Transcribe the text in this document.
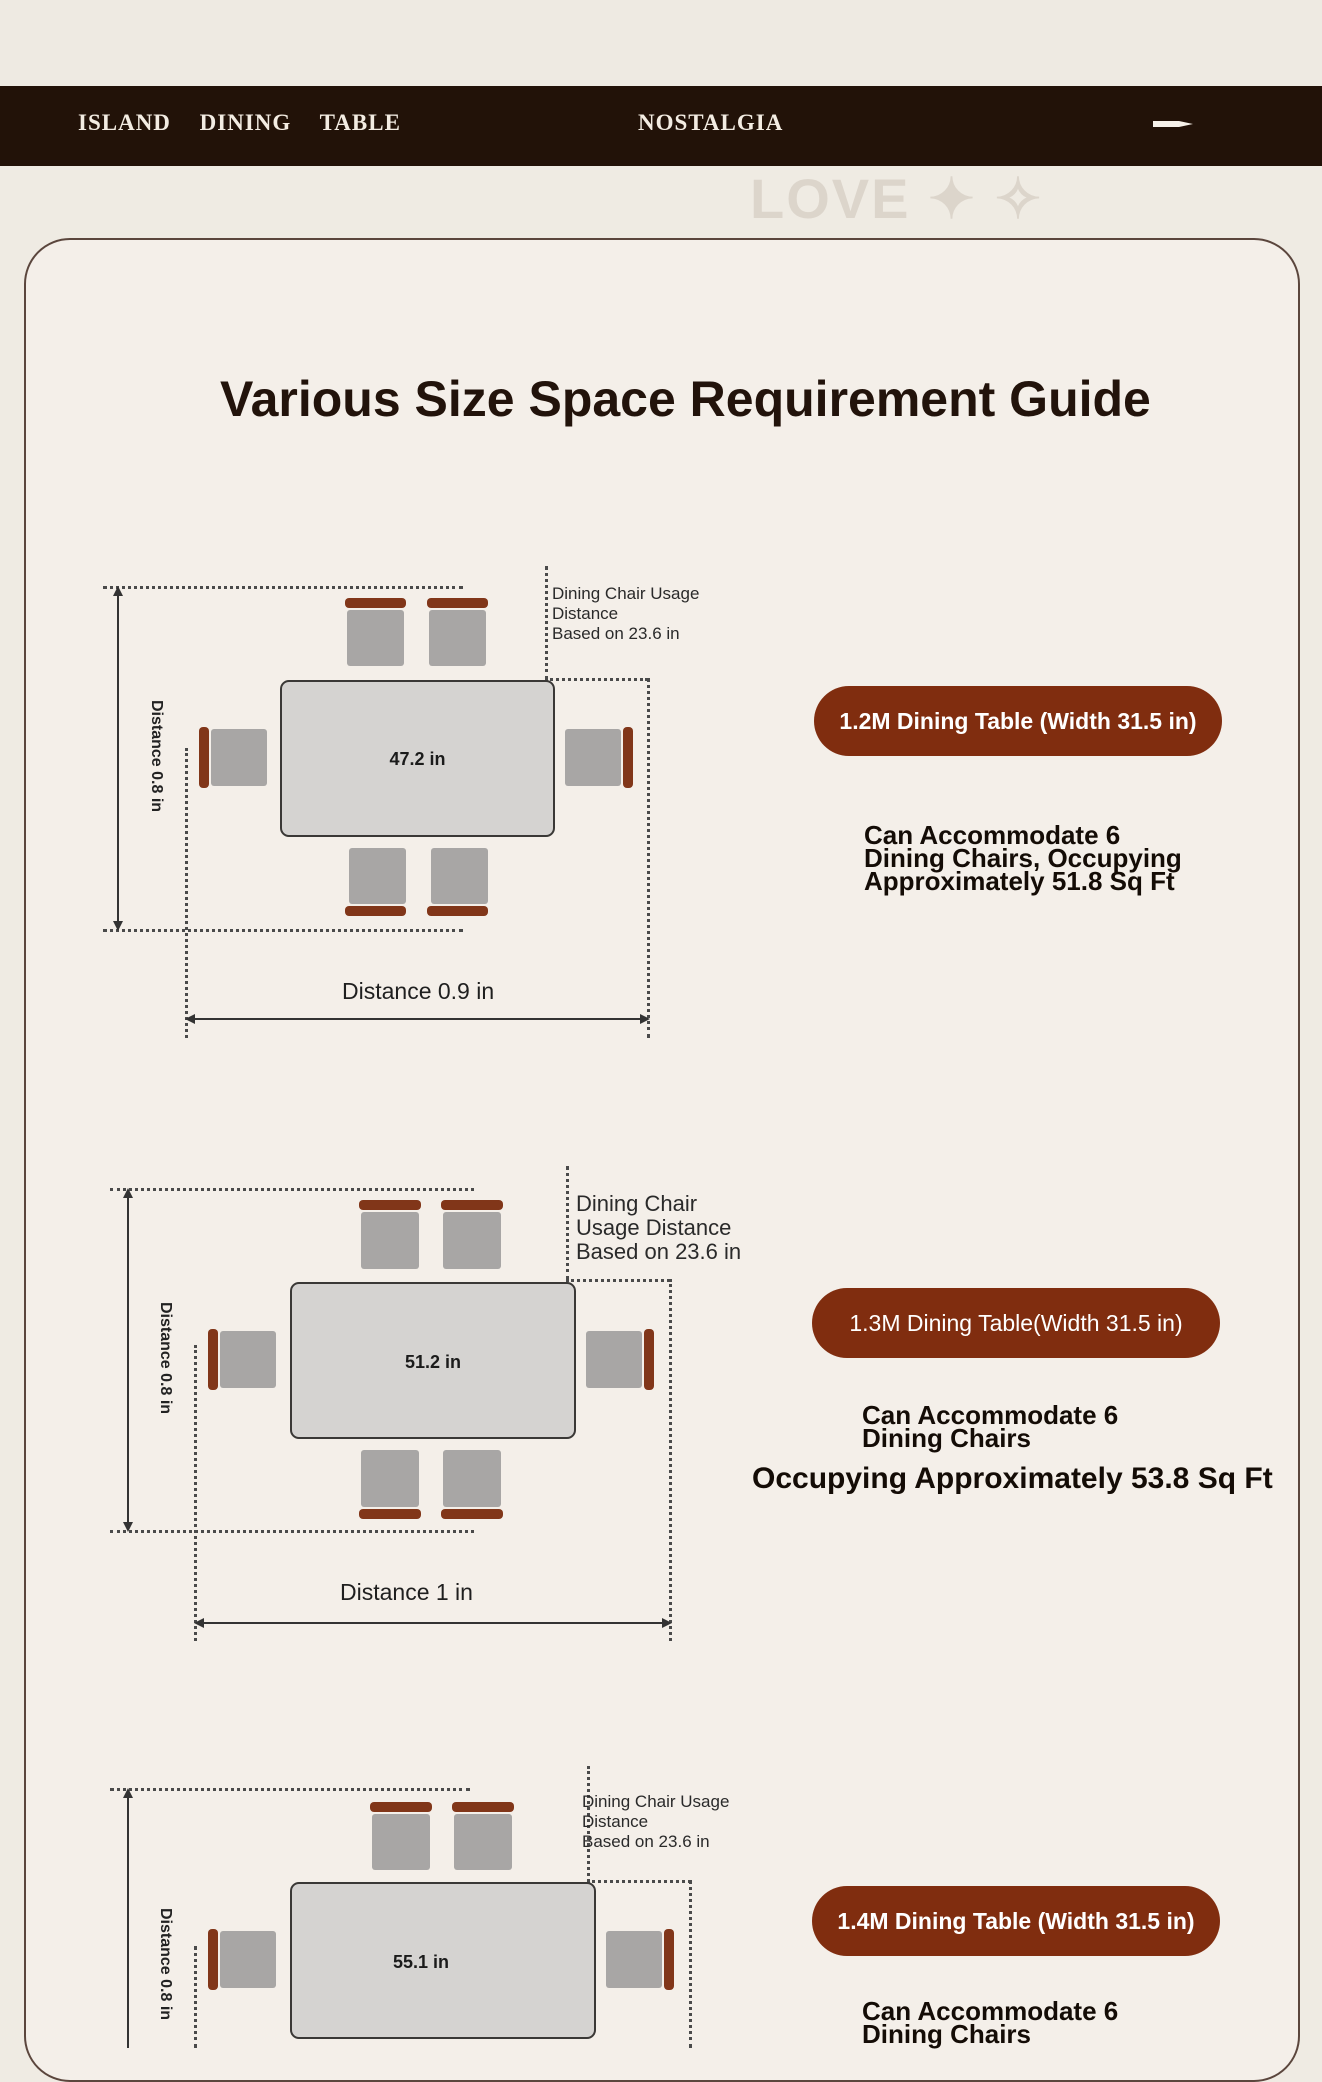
ISLAND DINING TABLE	NOSTALGIA
LOVE ✦ ✧
Various Size Space Requirement Guide
Distance 0.8 in
Distance 0.9 in
47.2 in
Dining Chair Usage
Distance
Based on 23.6 in
1.2M Dining Table (Width 31.5 in)
Can Accommodate 6
Dining Chairs, Occupying
Approximately 51.8 Sq Ft
Distance 0.8 in
Distance 1 in
51.2 in
Dining Chair
Usage Distance
Based on 23.6 in
1.3M Dining Table(Width 31.5 in)
Can Accommodate 6
Dining Chairs
Occupying Approximately 53.8 Sq Ft
Distance 0.8 in	55.1 in
Dining Chair Usage
Distance
Based on 23.6 in
1.4M Dining Table (Width 31.5 in)
Can Accommodate 6
Dining Chairs
